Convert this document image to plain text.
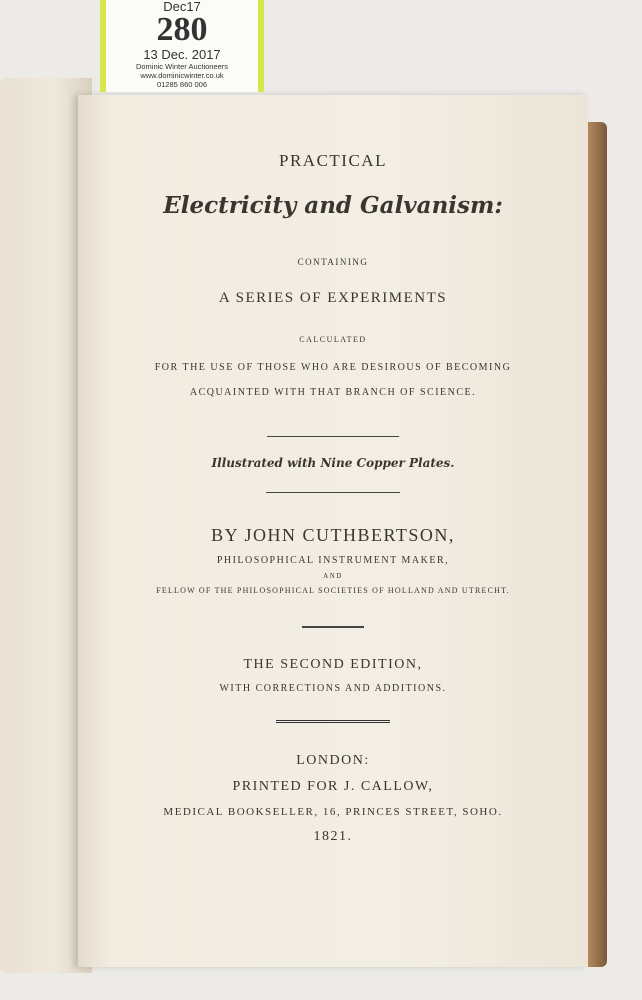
PRACTICAL
Electricity and Galvanism:
CONTAINING
A SERIES OF EXPERIMENTS
CALCULATED
FOR THE USE OF THOSE WHO ARE DESIROUS OF BECOMING
ACQUAINTED WITH THAT BRANCH OF SCIENCE.
Illustrated with Nine Copper Plates.
BY JOHN CUTHBERTSON,
PHILOSOPHICAL INSTRUMENT MAKER,
AND
FELLOW OF THE PHILOSOPHICAL SOCIETIES OF HOLLAND AND UTRECHT.
THE SECOND EDITION,
WITH CORRECTIONS AND ADDITIONS.
LONDON:
PRINTED FOR J. CALLOW,
MEDICAL BOOKSELLER, 16, PRINCES STREET, SOHO.
1821.
Dec17
280
13 Dec. 2017
Dominic Winter Auctioneers
www.dominicwinter.co.uk
01285 860 006
